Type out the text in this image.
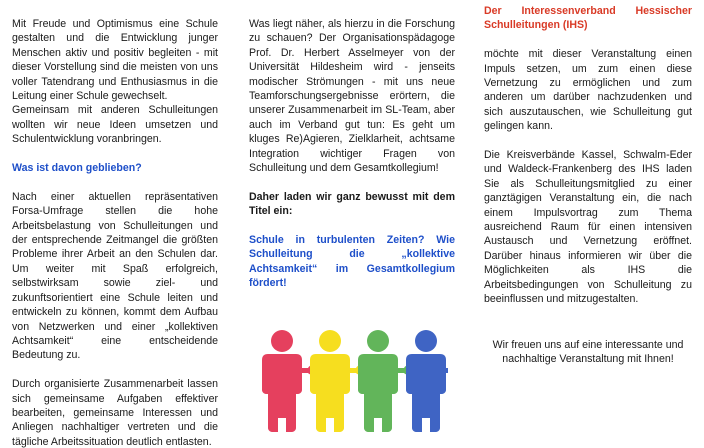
Mit Freude und Optimismus eine Schule gestalten und die Entwicklung junger Menschen aktiv und positiv begleiten - mit dieser Vorstellung sind die meisten von uns voller Tatendrang und Enthusiasmus in die Leitung einer Schule gewechselt.

Gemeinsam mit anderen Schulleitungen wollten wir neue Ideen umsetzen und Schulentwicklung voranbringen.

Was ist davon geblieben?

Nach einer aktuellen repräsentativen Forsa-Umfrage stellen die hohe Arbeitsbelastung von Schulleitungen und der entsprechende Zeitmangel die größten Probleme ihrer Arbeit an den Schulen dar. Um weiter mit Spaß erfolgreich, selbstwirksam sowie ziel- und zukunftsorientiert eine Schule leiten und entwickeln zu können, kommt dem Aufbau von Netzwerken und einer „kollektiven Achtsamkeit“ eine entscheidende Bedeutung zu.

Durch organisierte Zusammenarbeit lassen sich gemeinsame Aufgaben effektiver bearbeiten, gemeinsame Interessen und Anliegen nachhaltiger vertreten und die tägliche Arbeitssituation deutlich entlasten.

Was liegt näher, als hierzu in die Forschung zu schauen? Der Organisationspädagoge Prof. Dr. Herbert Asselmeyer von der Universität Hildesheim wird - jenseits modischer Strömungen - mit uns neue Teamforschungsergebnisse erörtern, die unserer Zusammenarbeit im SL-Team, aber auch im Verband gut tun: Es geht um kluges Re)Agieren, Zielklarheit, achtsame Integration wichtiger Fragen von Schulleitung und dem Gesamtkollegium!

Daher laden wir ganz bewusst mit dem Titel ein:

Schule in turbulenten Zeiten? Wie Schulleitung die „kollektive Achtsamkeit“ im Gesamtkollegium fördert!

Der Interessenverband Hessischer Schulleitungen (IHS)

möchte mit dieser Veranstaltung einen Impuls setzen, um zum einen diese Vernetzung zu ermöglichen und zum anderen um darüber nachzudenken und sich auszutauschen, wie Schulleitung gut gelingen kann.

Die Kreisverbände Kassel, Schwalm-Eder und Waldeck-Frankenberg des IHS laden Sie als Schulleitungsmitglied zu einer ganztägigen Veranstaltung ein, die nach einem Impulsvortrag zum Thema ausreichend Raum für einen intensiven Austausch und Vernetzung eröffnet. Darüber hinaus informieren wir über die Möglichkeiten als IHS die Arbeitsbedingungen von Schulleitung zu beeinflussen und mitzugestalten.

Wir freuen uns auf eine interessante und nachhaltige Veranstaltung mit Ihnen!
